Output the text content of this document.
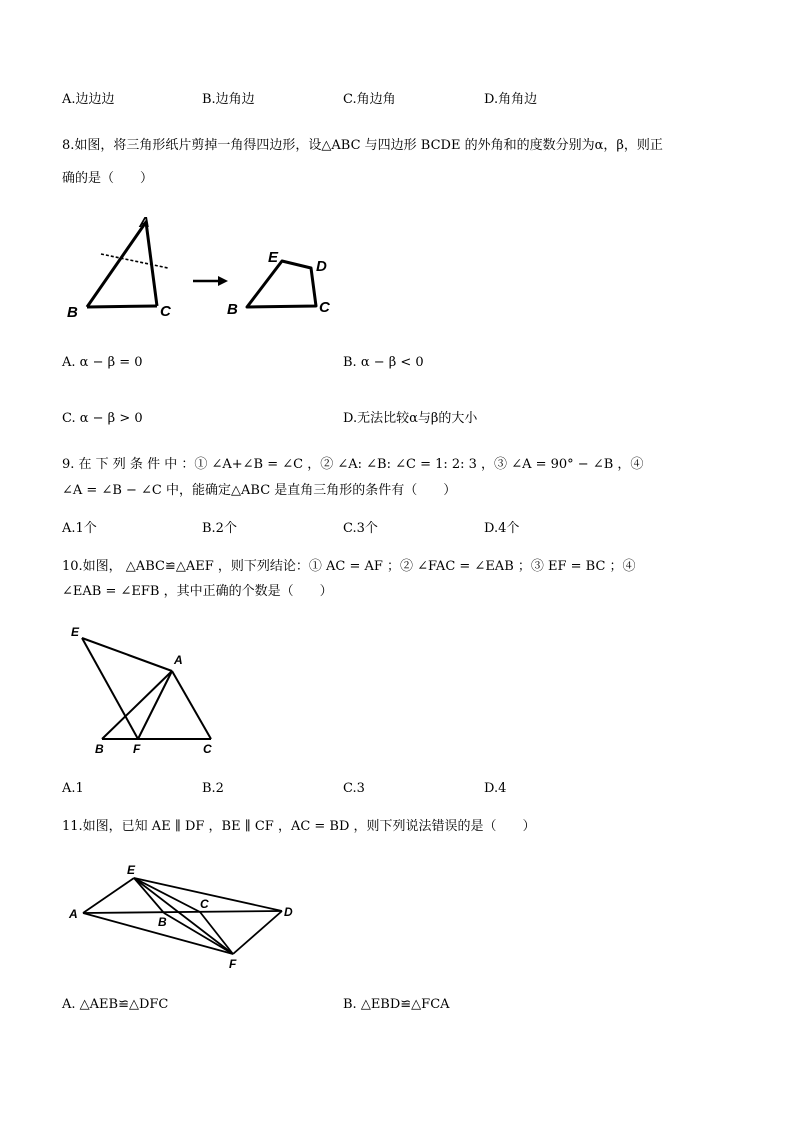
A.边边边	B.边角边	C.角边角	D.角角边
8.如图，将三角形纸片剪掉一角得四边形，设△ABC 与四边形 BCDE 的外角和的度数分别为α，β，则正
确的是（　　）
A
B	C
E
D
B	C
A. α − β = 0	B. α − β < 0
C. α − β > 0	D.无法比较α与β的大小
9. 在 下 列 条 件 中 ：① ∠A+∠B = ∠C ，② ∠A: ∠B: ∠C = 1: 2: 3 ，③ ∠A = 90° − ∠B ，④
∠A = ∠B − ∠C 中，能确定△ABC 是直角三角形的条件有（　　）
A.1个	B.2个	C.3个	D.4个
10.如图， △ABC≌△AEF ，则下列结论：① AC = AF ；② ∠FAC = ∠EAB ；③ EF = BC ；④
∠EAB = ∠EFB ，其中正确的个数是（　　）
E
A
B F	C
A.1	B.2	C.3	D.4
11.如图，已知 AE ∥ DF ，BE ∥ CF ，AC = BD ，则下列说法错误的是（　　）
A
E
B
C
D
F
A. △AEB≌△DFC	B. △EBD≌△FCA
